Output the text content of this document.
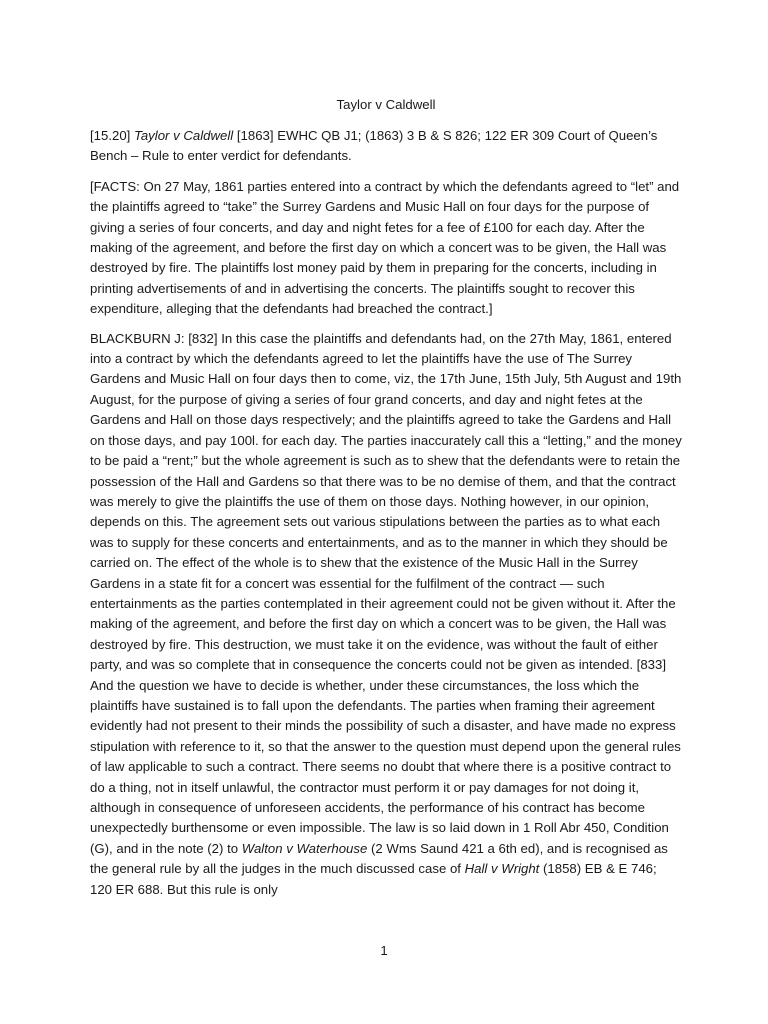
Taylor v Caldwell

[15.20] Taylor v Caldwell [1863] EWHC QB J1; (1863) 3 B & S 826; 122 ER 309 Court of Queen’s Bench – Rule to enter verdict for defendants.

[FACTS: On 27 May, 1861 parties entered into a contract by which the defendants agreed to “let” and the plaintiffs agreed to “take” the Surrey Gardens and Music Hall on four days for the purpose of giving a series of four concerts, and day and night fetes for a fee of £100 for each day. After the making of the agreement, and before the first day on which a concert was to be given, the Hall was destroyed by fire. The plaintiffs lost money paid by them in preparing for the concerts, including in printing advertisements of and in advertising the concerts. The plaintiffs sought to recover this expenditure, alleging that the defendants had breached the contract.]

BLACKBURN J: [832] In this case the plaintiffs and defendants had, on the 27th May, 1861, entered into a contract by which the defendants agreed to let the plaintiffs have the use of The Surrey Gardens and Music Hall on four days then to come, viz, the 17th June, 15th July, 5th August and 19th August, for the purpose of giving a series of four grand concerts, and day and night fetes at the Gardens and Hall on those days respectively; and the plaintiffs agreed to take the Gardens and Hall on those days, and pay 100l. for each day. The parties inaccurately call this a “letting,” and the money to be paid a “rent;” but the whole agreement is such as to shew that the defendants were to retain the possession of the Hall and Gardens so that there was to be no demise of them, and that the contract was merely to give the plaintiffs the use of them on those days. Nothing however, in our opinion, depends on this. The agreement sets out various stipulations between the parties as to what each was to supply for these concerts and entertainments, and as to the manner in which they should be carried on. The effect of the whole is to shew that the existence of the Music Hall in the Surrey Gardens in a state fit for a concert was essential for the fulfilment of the contract — such entertainments as the parties contemplated in their agreement could not be given without it. After the making of the agreement, and before the first day on which a concert was to be given, the Hall was destroyed by fire. This destruction, we must take it on the evidence, was without the fault of either party, and was so complete that in consequence the concerts could not be given as intended. [833] And the question we have to decide is whether, under these circumstances, the loss which the plaintiffs have sustained is to fall upon the defendants. The parties when framing their agreement evidently had not present to their minds the possibility of such a disaster, and have made no express stipulation with reference to it, so that the answer to the question must depend upon the general rules of law applicable to such a contract. There seems no doubt that where there is a positive contract to do a thing, not in itself unlawful, the contractor must perform it or pay damages for not doing it, although in consequence of unforeseen accidents, the performance of his contract has become unexpectedly burthensome or even impossible. The law is so laid down in 1 Roll Abr 450, Condition (G), and in the note (2) to Walton v Waterhouse (2 Wms Saund 421 a 6th ed), and is recognised as the general rule by all the judges in the much discussed case of Hall v Wright (1858) EB & E 746; 120 ER 688. But this rule is only

1
